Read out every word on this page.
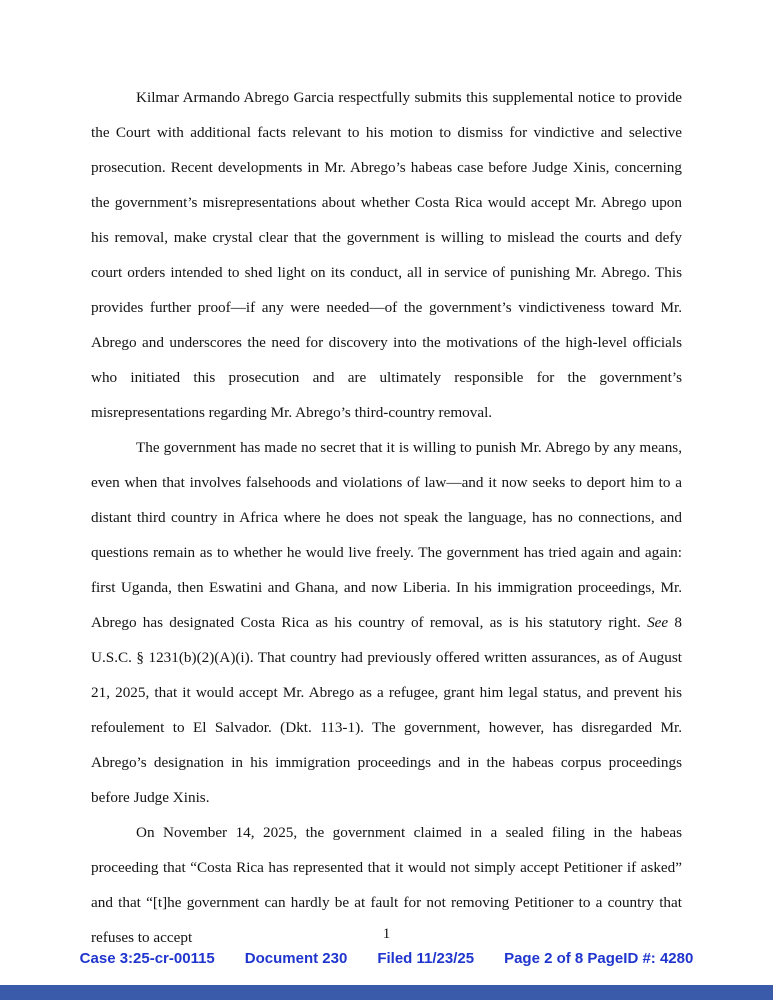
Kilmar Armando Abrego Garcia respectfully submits this supplemental notice to provide the Court with additional facts relevant to his motion to dismiss for vindictive and selective prosecution. Recent developments in Mr. Abrego’s habeas case before Judge Xinis, concerning the government’s misrepresentations about whether Costa Rica would accept Mr. Abrego upon his removal, make crystal clear that the government is willing to mislead the courts and defy court orders intended to shed light on its conduct, all in service of punishing Mr. Abrego. This provides further proof—if any were needed—of the government’s vindictiveness toward Mr. Abrego and underscores the need for discovery into the motivations of the high-level officials who initiated this prosecution and are ultimately responsible for the government’s misrepresentations regarding Mr. Abrego’s third-country removal.

The government has made no secret that it is willing to punish Mr. Abrego by any means, even when that involves falsehoods and violations of law—and it now seeks to deport him to a distant third country in Africa where he does not speak the language, has no connections, and questions remain as to whether he would live freely. The government has tried again and again: first Uganda, then Eswatini and Ghana, and now Liberia. In his immigration proceedings, Mr. Abrego has designated Costa Rica as his country of removal, as is his statutory right. See 8 U.S.C. § 1231(b)(2)(A)(i). That country had previously offered written assurances, as of August 21, 2025, that it would accept Mr. Abrego as a refugee, grant him legal status, and prevent his refoulement to El Salvador. (Dkt. 113-1). The government, however, has disregarded Mr. Abrego’s designation in his immigration proceedings and in the habeas corpus proceedings before Judge Xinis.

On November 14, 2025, the government claimed in a sealed filing in the habeas proceeding that “Costa Rica has represented that it would not simply accept Petitioner if asked” and that “[t]he government can hardly be at fault for not removing Petitioner to a country that refuses to accept	1
Case 3:25-cr-00115 Document 230 Filed 11/23/25 Page 2 of 8 PageID #: 4280
